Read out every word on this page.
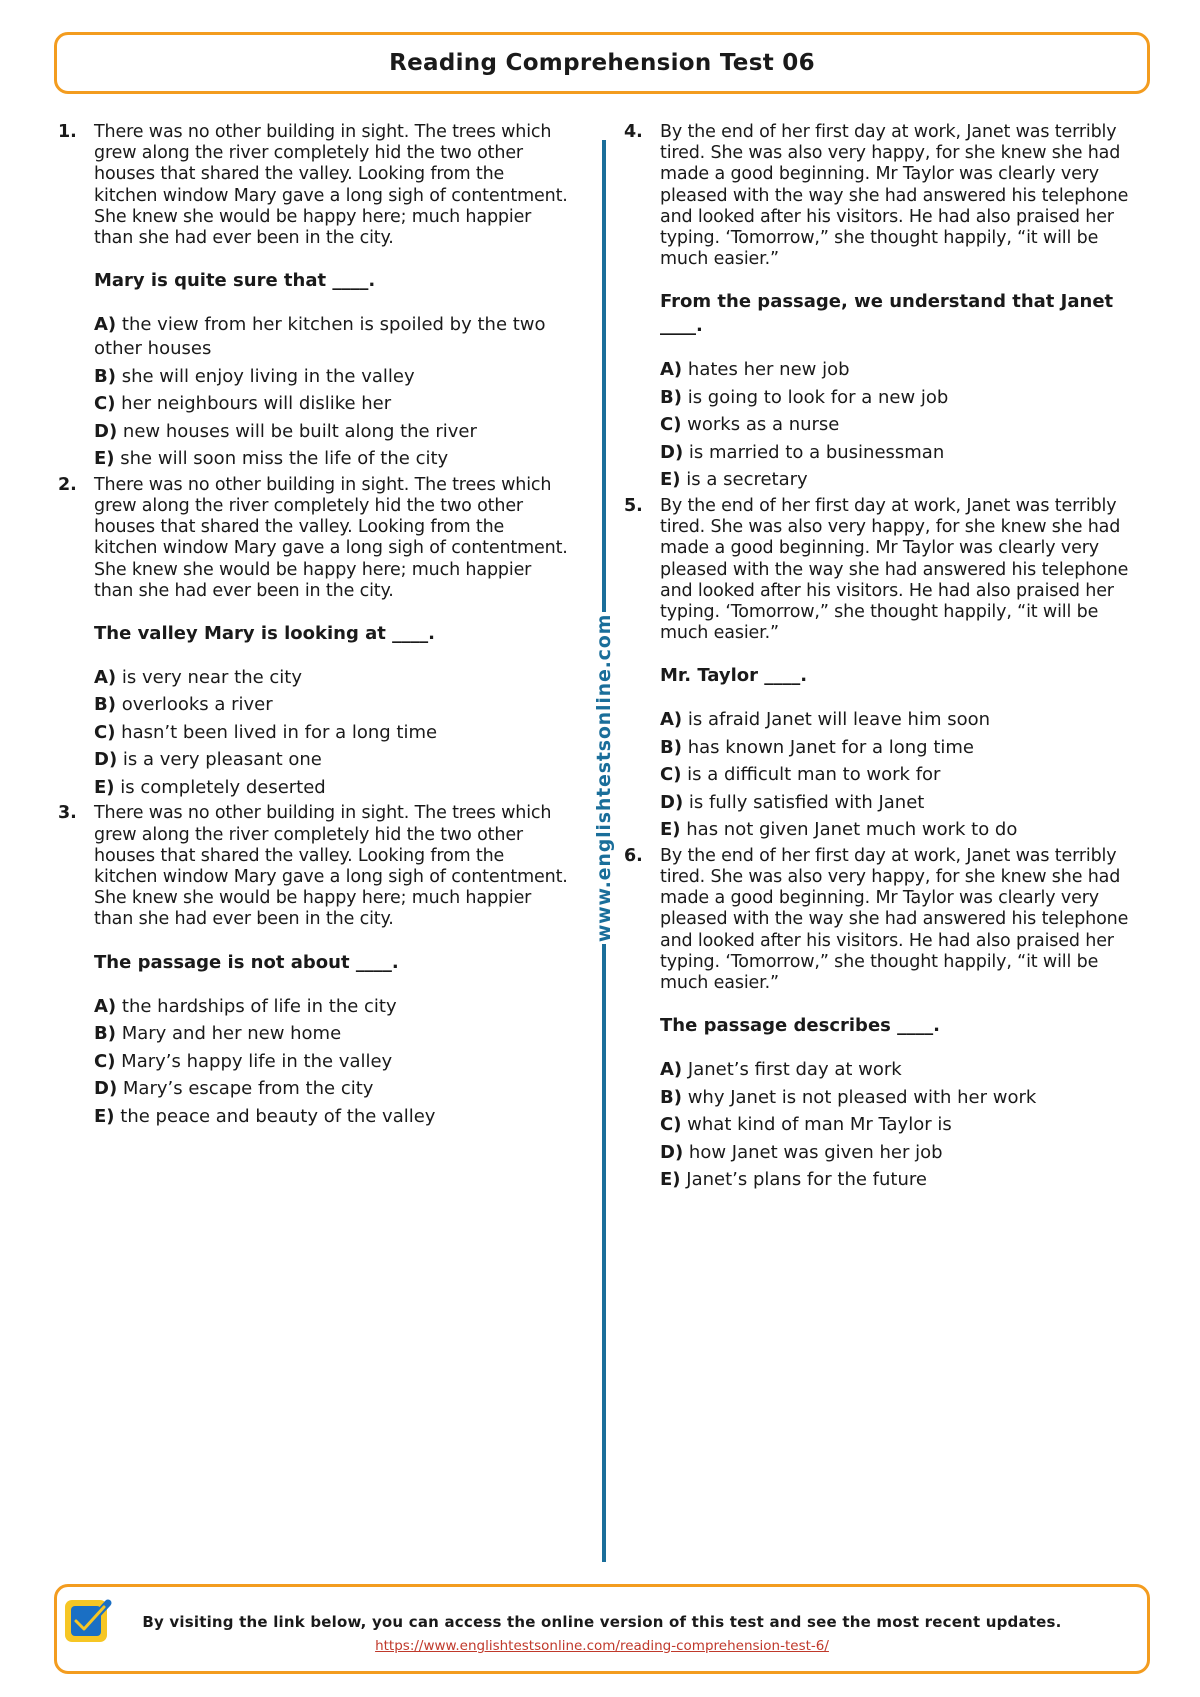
Reading Comprehension Test 06
1. There was no other building in sight. The trees which grew along the river completely hid the two other houses that shared the valley. Looking from the kitchen window Mary gave a long sigh of contentment. She knew she would be happy here; much happier than she had ever been in the city.

Mary is quite sure that ____.

A) the view from her kitchen is spoiled by the two other houses
B) she will enjoy living in the valley
C) her neighbours will dislike her
D) new houses will be built along the river
E) she will soon miss the life of the city
2. There was no other building in sight. The trees which grew along the river completely hid the two other houses that shared the valley. Looking from the kitchen window Mary gave a long sigh of contentment. She knew she would be happy here; much happier than she had ever been in the city.

The valley Mary is looking at ____.

A) is very near the city
B) overlooks a river
C) hasn’t been lived in for a long time
D) is a very pleasant one
E) is completely deserted
3. There was no other building in sight. The trees which grew along the river completely hid the two other houses that shared the valley. Looking from the kitchen window Mary gave a long sigh of contentment. She knew she would be happy here; much happier than she had ever been in the city.

The passage is not about ____.

A) the hardships of life in the city
B) Mary and her new home
C) Mary’s happy life in the valley
D) Mary’s escape from the city
E) the peace and beauty of the valley
www.englishtestsonline.com
4. By the end of her first day at work, Janet was terribly tired. She was also very happy, for she knew she had made a good beginning. Mr Taylor was clearly very pleased with the way she had answered his telephone and looked after his visitors. He had also praised her typing. ‘Tomorrow,” she thought happily, “it will be much easier.”

From the passage, we understand that Janet ____.

A) hates her new job
B) is going to look for a new job
C) works as a nurse
D) is married to a businessman
E) is a secretary
5. By the end of her first day at work, Janet was terribly tired. She was also very happy, for she knew she had made a good beginning. Mr Taylor was clearly very pleased with the way she had answered his telephone and looked after his visitors. He had also praised her typing. ‘Tomorrow,” she thought happily, “it will be much easier.”

Mr. Taylor ____.

A) is afraid Janet will leave him soon
B) has known Janet for a long time
C) is a difficult man to work for
D) is fully satisfied with Janet
E) has not given Janet much work to do
6. By the end of her first day at work, Janet was terribly tired. She was also very happy, for she knew she had made a good beginning. Mr Taylor was clearly very pleased with the way she had answered his telephone and looked after his visitors. He had also praised her typing. ‘Tomorrow,” she thought happily, “it will be much easier.”

The passage describes ____.

A) Janet’s first day at work
B) why Janet is not pleased with her work
C) what kind of man Mr Taylor is
D) how Janet was given her job
E) Janet’s plans for the future
By visiting the link below, you can access the online version of this test and see the most recent updates.
https://www.englishtestsonline.com/reading-comprehension-test-6/
